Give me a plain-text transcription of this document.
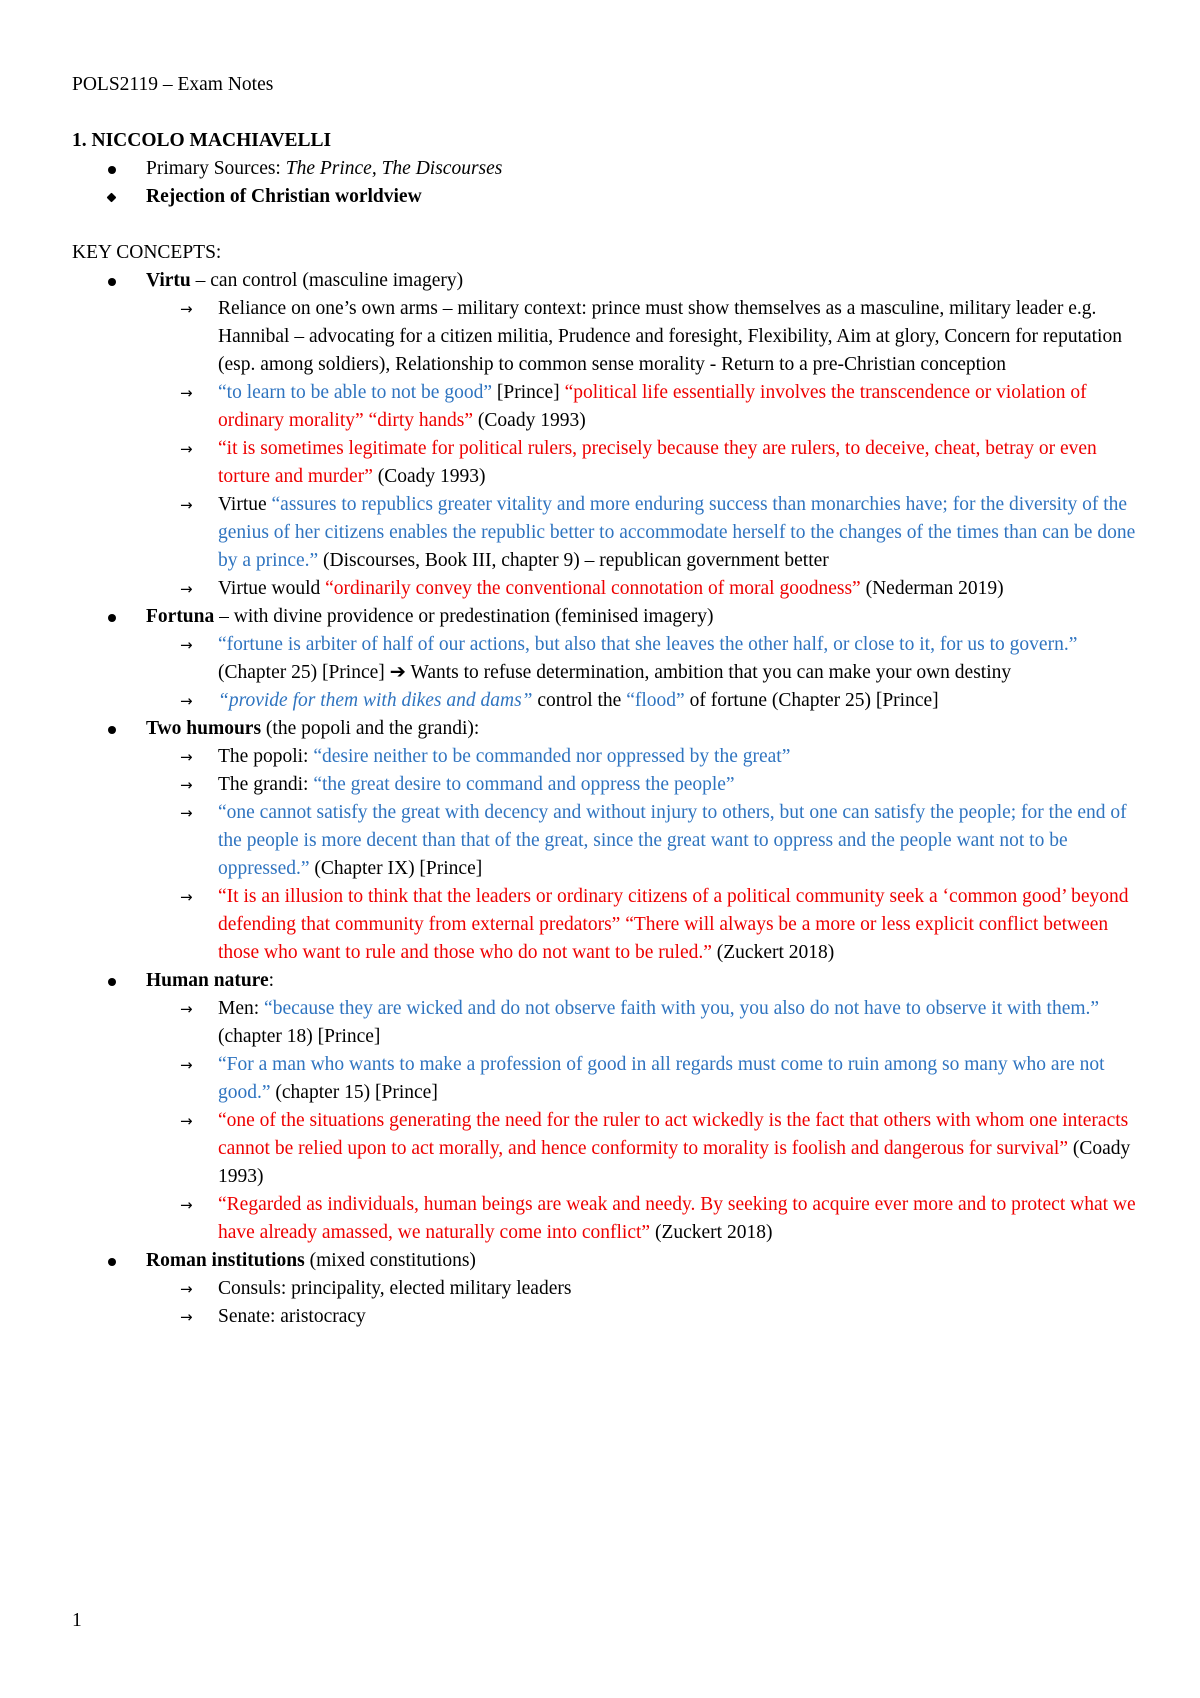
POLS2119 – Exam Notes
1. NICCOLO MACHIAVELLI
Primary Sources: The Prince, The Discourses
Rejection of Christian worldview
KEY CONCEPTS:
Virtu – can control (masculine imagery)
→ Reliance on one’s own arms – military context: prince must show themselves as a masculine, military leader e.g. Hannibal – advocating for a citizen militia, Prudence and foresight, Flexibility, Aim at glory, Concern for reputation (esp. among soldiers), Relationship to common sense morality - Return to a pre-Christian conception
→ “to learn to be able to not be good” [Prince] “political life essentially involves the transcendence or violation of ordinary morality” “dirty hands” (Coady 1993)
→ “it is sometimes legitimate for political rulers, precisely because they are rulers, to deceive, cheat, betray or even torture and murder” (Coady 1993)
→ Virtue “assures to republics greater vitality and more enduring success than monarchies have; for the diversity of the genius of her citizens enables the republic better to accommodate herself to the changes of the times than can be done by a prince.” (Discourses, Book III, chapter 9) – republican government better
→ Virtue would “ordinarily convey the conventional connotation of moral goodness” (Nederman 2019)
Fortuna – with divine providence or predestination (feminised imagery)
→ “fortune is arbiter of half of our actions, but also that she leaves the other half, or close to it, for us to govern.” (Chapter 25) [Prince] ➔ Wants to refuse determination, ambition that you can make your own destiny
→ “provide for them with dikes and dams” control the “flood” of fortune (Chapter 25) [Prince]
Two humours (the popoli and the grandi):
→ The popoli: “desire neither to be commanded nor oppressed by the great”
→ The grandi: “the great desire to command and oppress the people”
→ “one cannot satisfy the great with decency and without injury to others, but one can satisfy the people; for the end of the people is more decent than that of the great, since the great want to oppress and the people want not to be oppressed.” (Chapter IX) [Prince]
→ “It is an illusion to think that the leaders or ordinary citizens of a political community seek a ‘common good’ beyond defending that community from external predators” “There will always be a more or less explicit conflict between those who want to rule and those who do not want to be ruled.” (Zuckert 2018)
Human nature:
→ Men: “because they are wicked and do not observe faith with you, you also do not have to observe it with them.” (chapter 18) [Prince]
→ “For a man who wants to make a profession of good in all regards must come to ruin among so many who are not good.” (chapter 15) [Prince]
→ “one of the situations generating the need for the ruler to act wickedly is the fact that others with whom one interacts cannot be relied upon to act morally, and hence conformity to morality is foolish and dangerous for survival” (Coady 1993)
→ “Regarded as individuals, human beings are weak and needy. By seeking to acquire ever more and to protect what we have already amassed, we naturally come into conflict” (Zuckert 2018)
Roman institutions (mixed constitutions)
→ Consuls: principality, elected military leaders
→ Senate: aristocracy
1
